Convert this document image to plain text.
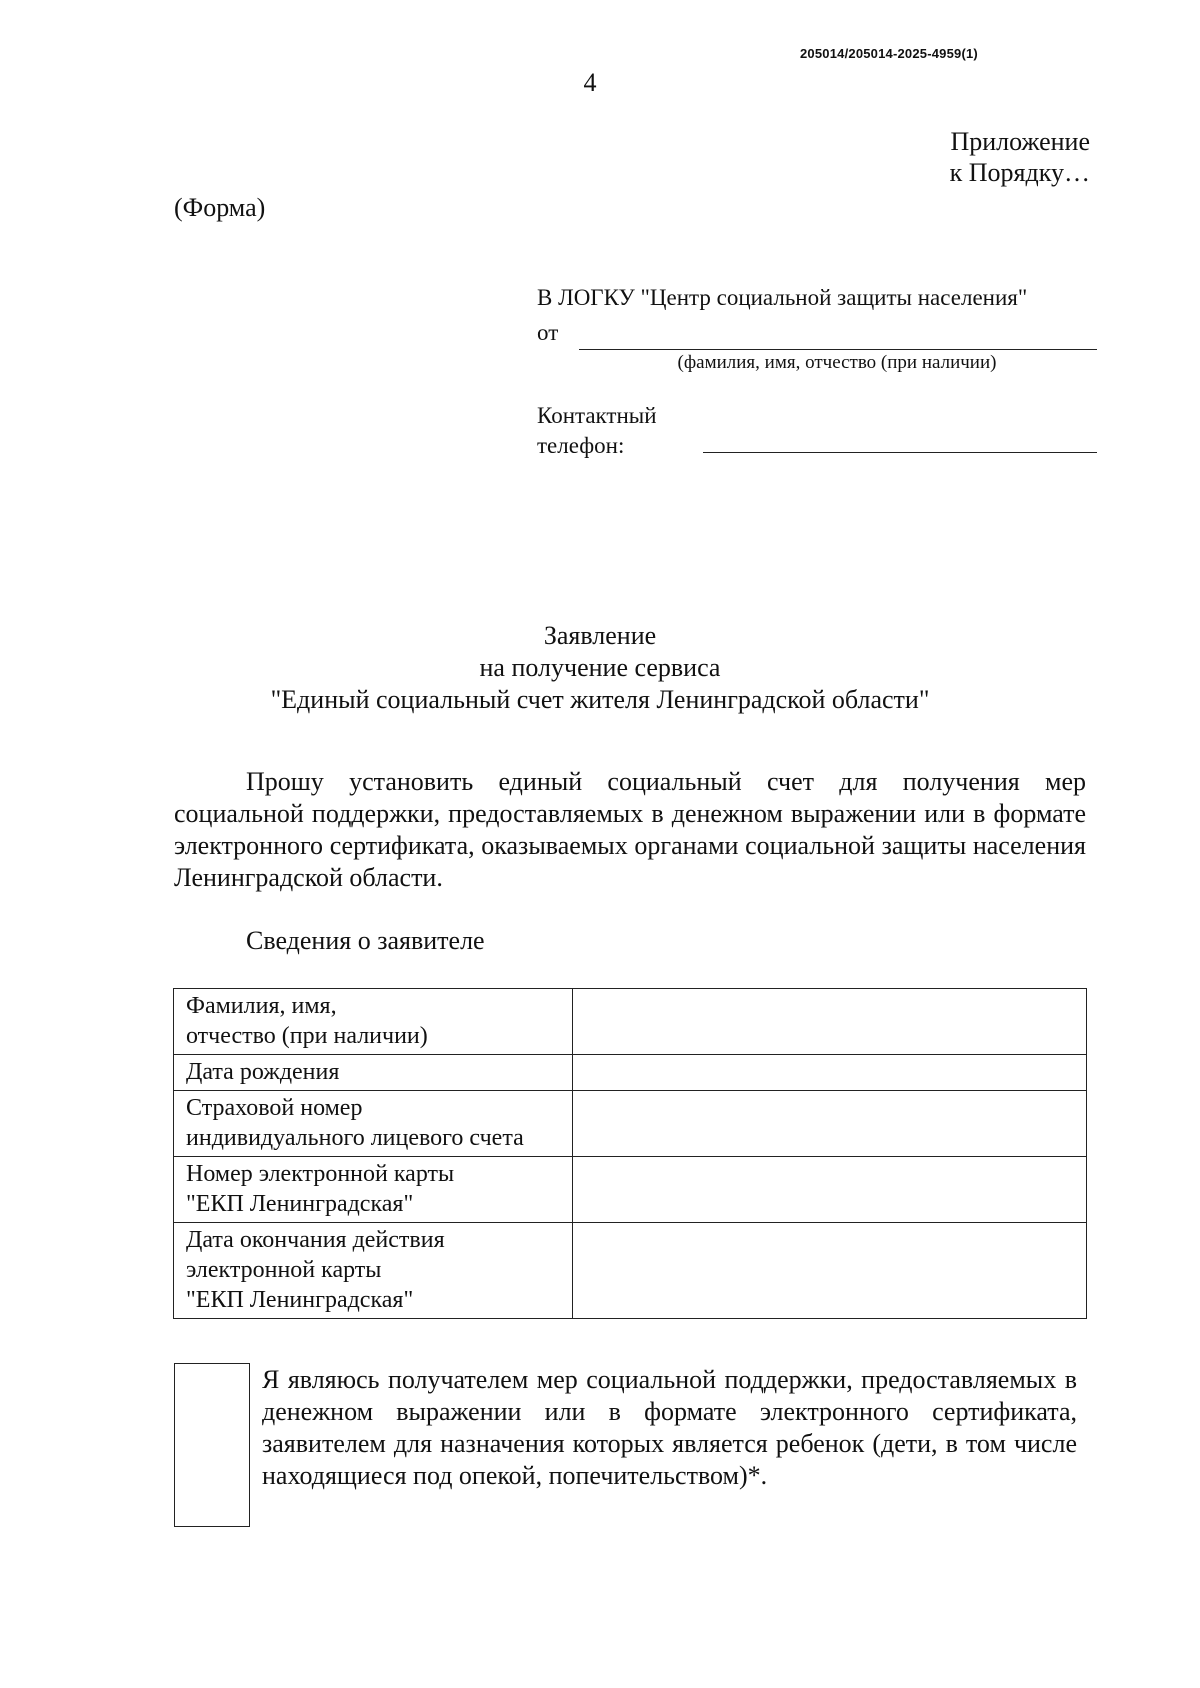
205014/205014-2025-4959(1)
4
Приложение
к Порядку…
(Форма)
В ЛОГКУ "Центр социальной защиты населения"
от
(фамилия, имя, отчество (при наличии)
Контактный
телефон:
Заявление
на получение сервиса
"Единый социальный счет жителя Ленинградской области"
Прошу установить единый социальный счет для получения мер социальной поддержки, предоставляемых в денежном выражении или в формате электронного сертификата, оказываемых органами социальной защиты населения Ленинградской области.
Сведения о заявителе
Фамилия, имя,
отчество (при наличии)	

Дата рождения	

Страховой номер
индивидуального лицевого счета	

Номер электронной карты
"ЕКП Ленинградская"	

Дата окончания действия
электронной карты
"ЕКП Ленинградская"	

Я являюсь получателем мер социальной поддержки, предоставляемых в денежном выражении или в формате электронного сертификата, заявителем для назначения которых является ребенок (дети, в том числе находящиеся под опекой, попечительством)*.
